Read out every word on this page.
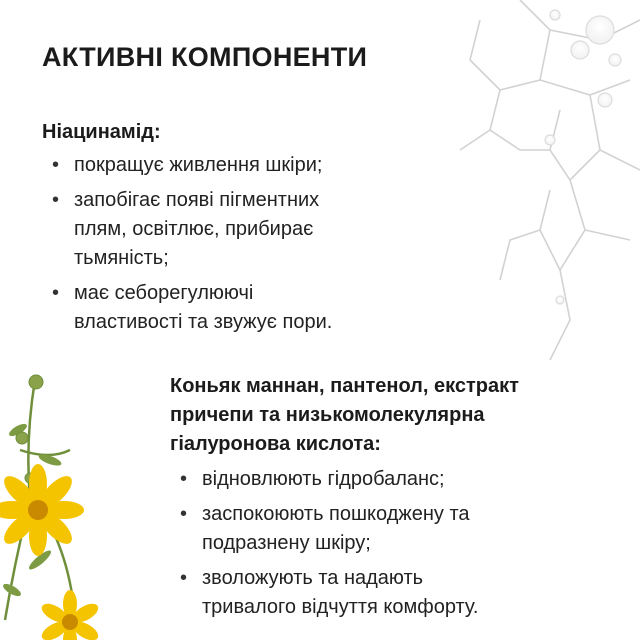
АКТИВНІ КОМПОНЕНТИ
Ніацинамід:
• покращує живлення шкіри;
• запобігає появі пігментних
плям, освітлює, прибирає
тьмяність;
• має себорегулюючі
властивості та звужує пори.
Коньяк маннан, пантенол, екстракт
причепи та низькомолекулярна
гіалуронова кислота:
• відновлюють гідробаланс;
• заспокоюють пошкоджену та
подразнену шкіру;
• зволожують та надають
тривалого відчуття комфорту.
